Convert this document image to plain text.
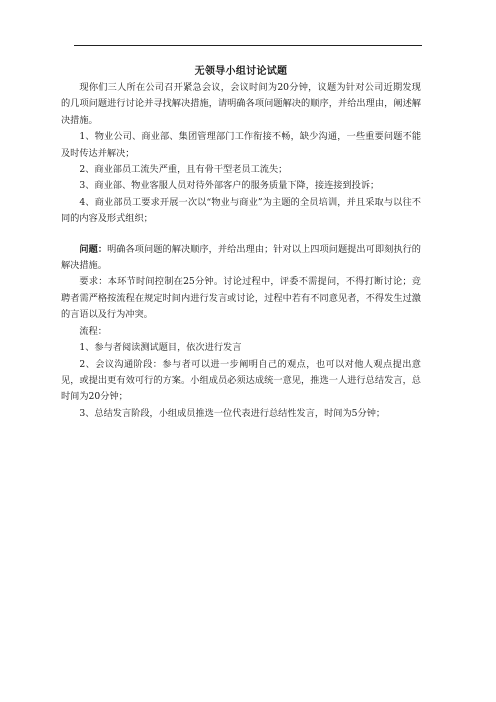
无领导小组讨论试题

现你们三人所在公司召开紧急会议，会议时间为20分钟，议题为针对公司近期发现的几项问题进行讨论并寻找解决措施，请明确各项问题解决的顺序，并给出理由，阐述解决措施。

1、物业公司、商业部、集团管理部门工作衔接不畅，缺少沟通，一些重要问题不能及时传达并解决；

2、商业部员工流失严重，且有骨干型老员工流失；

3、商业部、物业客服人员对待外部客户的服务质量下降，接连接到投诉；

4、商业部员工要求开展一次以“物业与商业”为主题的全员培训，并且采取与以往不同的内容及形式组织；

问题：明确各项问题的解决顺序，并给出理由；针对以上四项问题提出可即刻执行的解决措施。

要求：本环节时间控制在25分钟。讨论过程中，评委不需提问，不得打断讨论；竞聘者需严格按流程在规定时间内进行发言或讨论，过程中若有不同意见者，不得发生过激的言语以及行为冲突。

流程：

1、参与者阅读测试题目，依次进行发言

2、会议沟通阶段：参与者可以进一步阐明自己的观点，也可以对他人观点提出意见，或提出更有效可行的方案。小组成员必须达成统一意见，推选一人进行总结发言，总时间为20分钟；

3、总结发言阶段，小组成员推选一位代表进行总结性发言，时间为5分钟；
